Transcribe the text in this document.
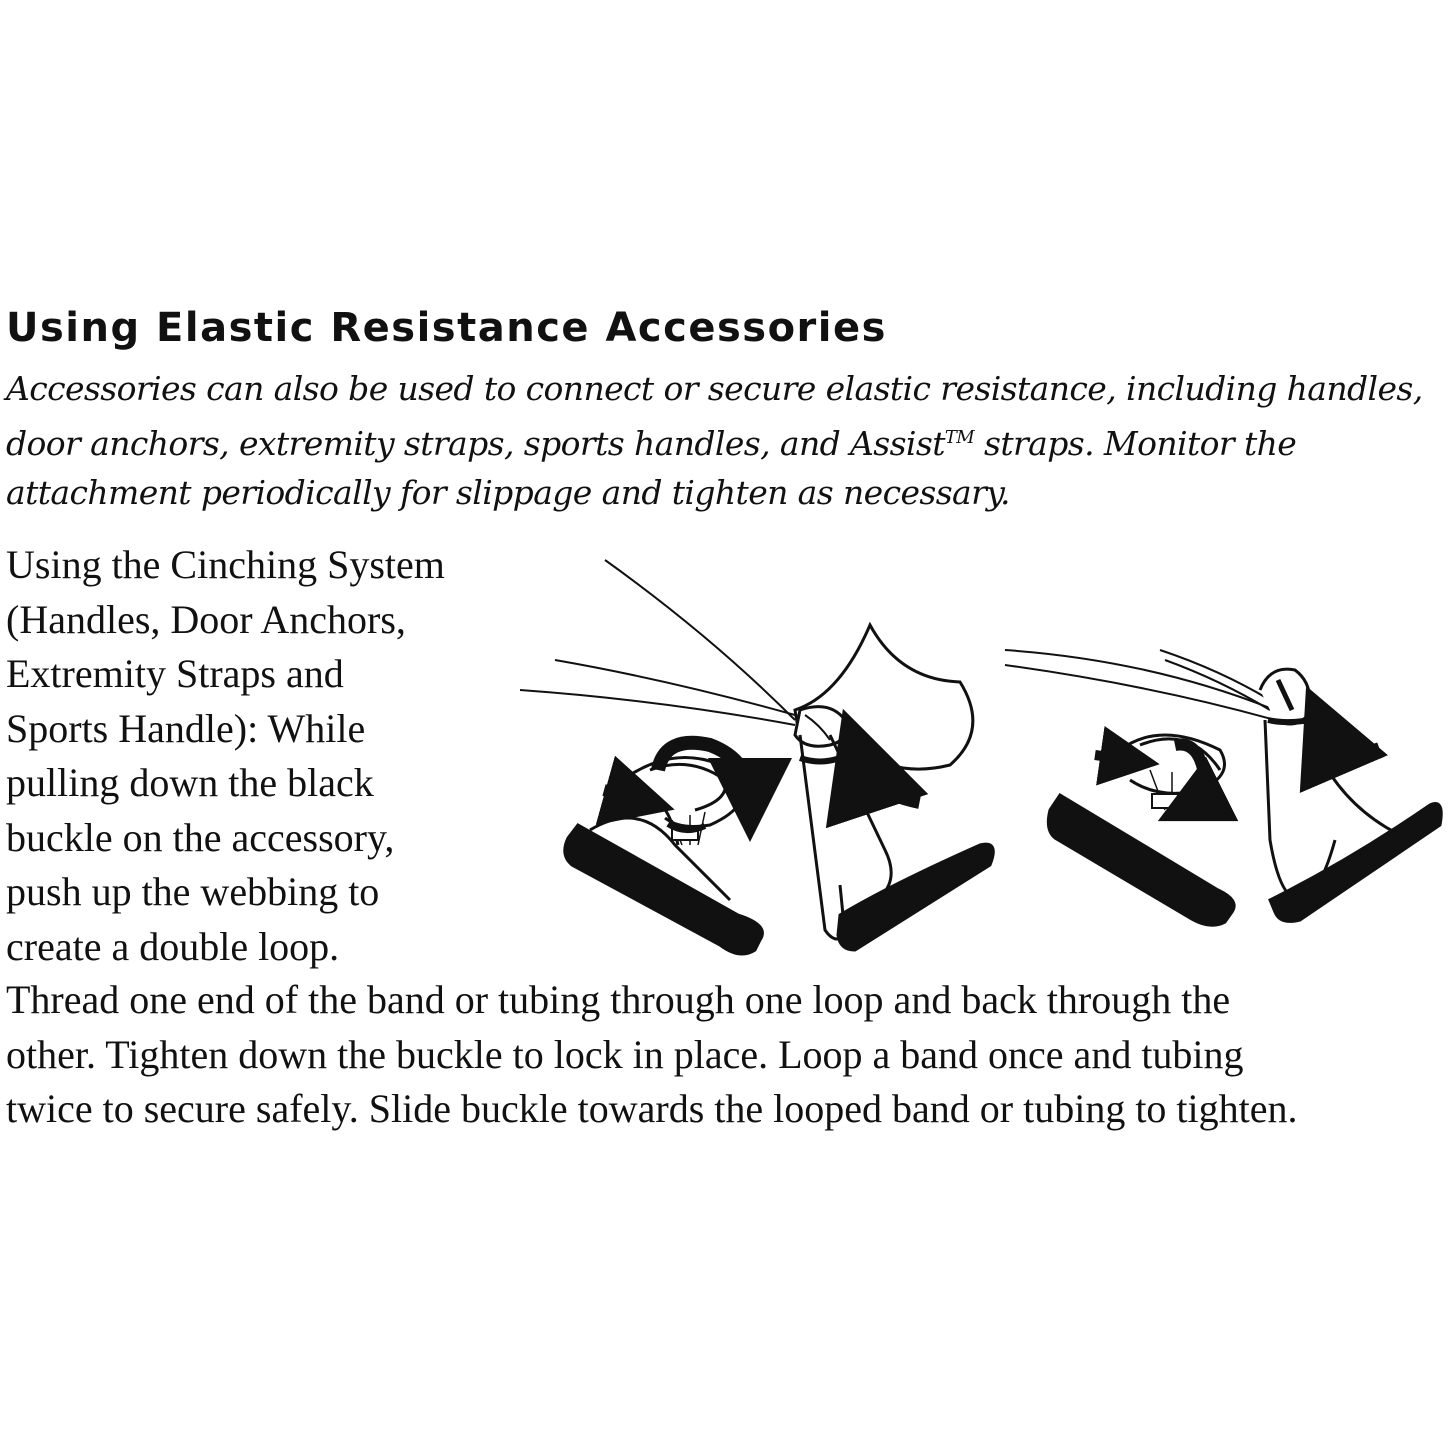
Using Elastic Resistance Accessories

Accessories can also be used to connect or secure elastic resistance, including handles,
door anchors, extremity straps, sports handles, and Assist™ straps. Monitor the
attachment periodically for slippage and tighten as necessary.

Using the Cinching System
(Handles, Door Anchors,
Extremity Straps and
Sports Handle): While
pulling down the black
buckle on the accessory,
push up the webbing to
create a double loop.

Thread one end of the band or tubing through one loop and back through the
other. Tighten down the buckle to lock in place. Loop a band once and tubing
twice to secure safely. Slide buckle towards the looped band or tubing to tighten.
